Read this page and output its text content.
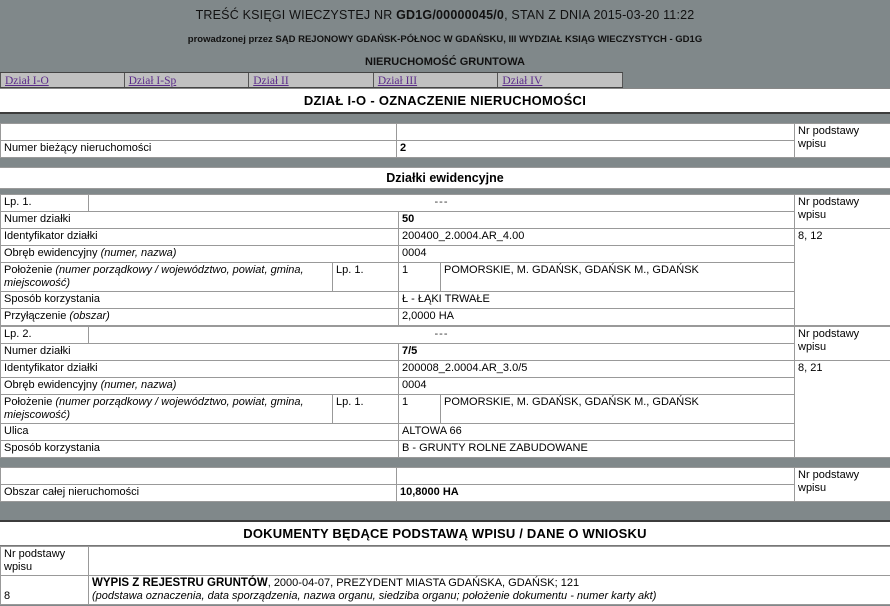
TREŚĆ KSIĘGI WIECZYSTEJ NR GD1G/00000045/0, STAN Z DNIA 2015-03-20 11:22
prowadzonej przez SĄD REJONOWY GDAŃSK-PÓŁNOC W GDAŃSKU, III WYDZIAŁ KSIĄG WIECZYSTYCH - GD1G
NIERUCHOMOŚĆ GRUNTOWA
Dział I-O	Dział I-Sp	Dział II	Dział III	Dział IV
DZIAŁ I-O - OZNACZENIE NIERUCHOMOŚCI
		Nr podstawy wpisu
Numer bieżący nieruchomości	2	
Działki ewidencyjne
Lp. 1.	---				Nr podstawy wpisu
Numer działki			50		
Identyfikator działki			200400_2.0004.AR_4.00		8, 12
Obręb ewidencyjny (numer, nazwa)			0004		
Położenie (numer porządkowy / województwo, powiat, gmina, miejscowość)		Lp. 1.	1	POMORSKIE, M. GDAŃSK, GDAŃSK M., GDAŃSK	
Sposób korzystania			Ł - ŁĄKI TRWAŁE		
Przyłączenie (obszar)			2,0000 HA		
Lp. 2.	---				Nr podstawy wpisu
Numer działki			7/5		
Identyfikator działki			200008_2.0004.AR_3.0/5		8, 21
Obręb ewidencyjny (numer, nazwa)			0004		
Położenie (numer porządkowy / województwo, powiat, gmina, miejscowość)		Lp. 1.	1	POMORSKIE, M. GDAŃSK, GDAŃSK M., GDAŃSK	
Ulica			ALTOWA 66		
Sposób korzystania			B - GRUNTY ROLNE ZABUDOWANE		
		Nr podstawy wpisu
Obszar całej nieruchomości	10,8000 HA	
DOKUMENTY BĘDĄCE PODSTAWĄ WPISU / DANE O WNIOSKU
Nr podstawy wpisu	
8	WYPIS Z REJESTRU GRUNTÓW, 2000-04-07, PREZYDENT MIASTA GDAŃSKA, GDAŃSK; 121
(podstawa oznaczenia, data sporządzenia, nazwa organu, siedziba organu; położenie dokumentu - numer karty akt)
